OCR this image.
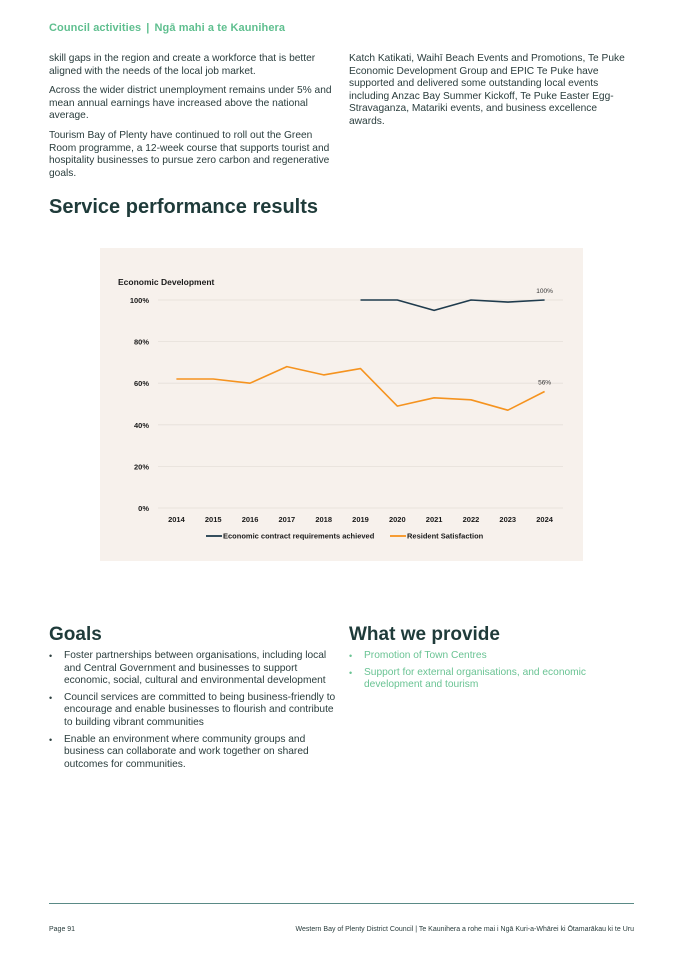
Council activities | Ngā mahi a te Kaunihera

skill gaps in the region and create a workforce that is better aligned with the needs of the local job market.

Across the wider district unemployment remains under 5% and mean annual earnings have increased above the national average.

Tourism Bay of Plenty have continued to roll out the Green Room programme, a 12-week course that supports tourist and hospitality businesses to pursue zero carbon and regenerative goals.

Katch Katikati, Waihī Beach Events and Promotions, Te Puke Economic Development Group and EPIC Te Puke have supported and delivered some outstanding local events including Anzac Bay Summer Kickoff, Te Puke Easter Egg-Stravaganza, Matariki events, and business excellence awards.

Service performance results
Economic Development
0%
20%
40%
60%
80%
100%
2014	2015	2016	2017	2018	2019	2020	2021	2022	2023	2024
100%
56%
Economic contract requirements achieved	Resident Satisfaction
Goals
• Foster partnerships between organisations, including local and Central Government and businesses to support economic, social, cultural and environmental development
• Council services are committed to being business-friendly to encourage and enable businesses to flourish and contribute to building vibrant communities
• Enable an environment where community groups and business can collaborate and work together on shared outcomes for communities.
What we provide
• Promotion of Town Centres
• Support for external organisations, and economic development and tourism
Page 91	Western Bay of Plenty District Council | Te Kaunihera a rohe mai i Ngā Kuri-a-Whārei ki Ōtamarākau ki te Uru
